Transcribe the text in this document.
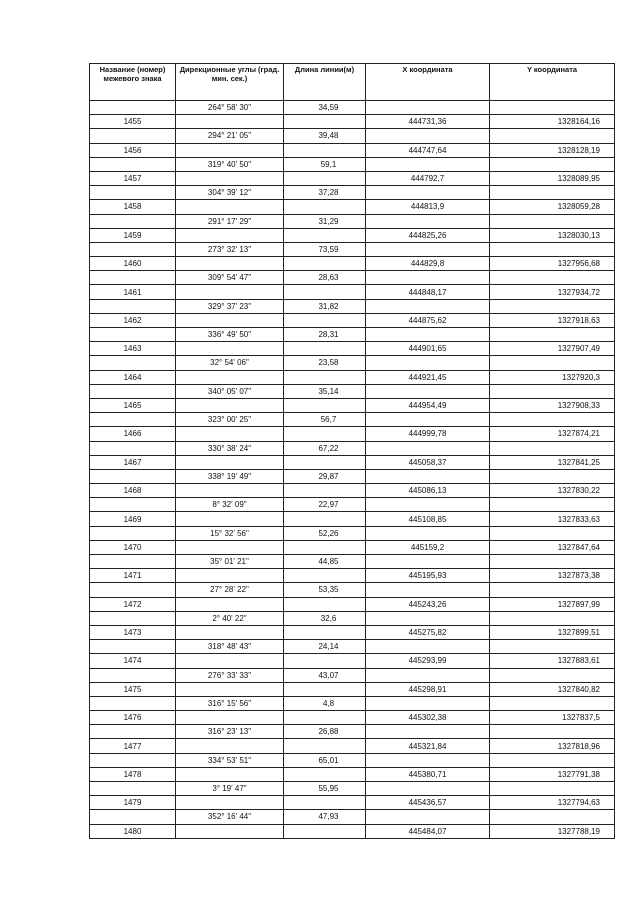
Название (номер) межевого знака	Дирекционные углы (град. мин. сек.)	Длина линии(м)	Х координата	Y координата
	264° 58' 30"	34,59		
1455			444731,36	1328164,16
	294° 21' 05"	39,48		
1456			444747,64	1328128,19
	319° 40' 50"	59,1		
1457			444792,7	1328089,95
	304° 39' 12"	37,28		
1458			444813,9	1328059,28
	291° 17' 29"	31,29		
1459			444825,26	1328030,13
	273° 32' 13"	73,59		
1460			444829,8	1327956,68
	309° 54' 47"	28,63		
1461			444848,17	1327934,72
	329° 37' 23"	31,82		
1462			444875,62	1327918,63
	336° 49' 50"	28,31		
1463			444901,65	1327907,49
	32° 54' 06"	23,58		
1464			444921,45	1327920,3
	340° 05' 07"	35,14		
1465			444954,49	1327908,33
	323° 00' 25"	56,7		
1466			444999,78	1327874,21
	330° 38' 24"	67,22		
1467			445058,37	1327841,25
	338° 19' 49"	29,87		
1468			445086,13	1327830,22
	8° 32' 09"	22,97		
1469			445108,85	1327833,63
	15° 32' 56"	52,26		
1470			445159,2	1327847,64
	35° 01' 21"	44,85		
1471			445195,93	1327873,38
	27° 28' 22"	53,35		
1472			445243,26	1327897,99
	2° 40' 22"	32,6		
1473			445275,82	1327899,51
	318° 48' 43"	24,14		
1474			445293,99	1327883,61
	276° 33' 33"	43,07		
1475			445298,91	1327840,82
	316° 15' 56"	4,8		
1476			445302,38	1327837,5
	316° 23' 13"	26,88		
1477			445321,84	1327818,96
	334° 53' 51"	65,01		
1478			445380,71	1327791,38
	3° 19' 47"	55,95		
1479			445436,57	1327794,63
	352° 16' 44"	47,93		
1480			445484,07	1327788,19
